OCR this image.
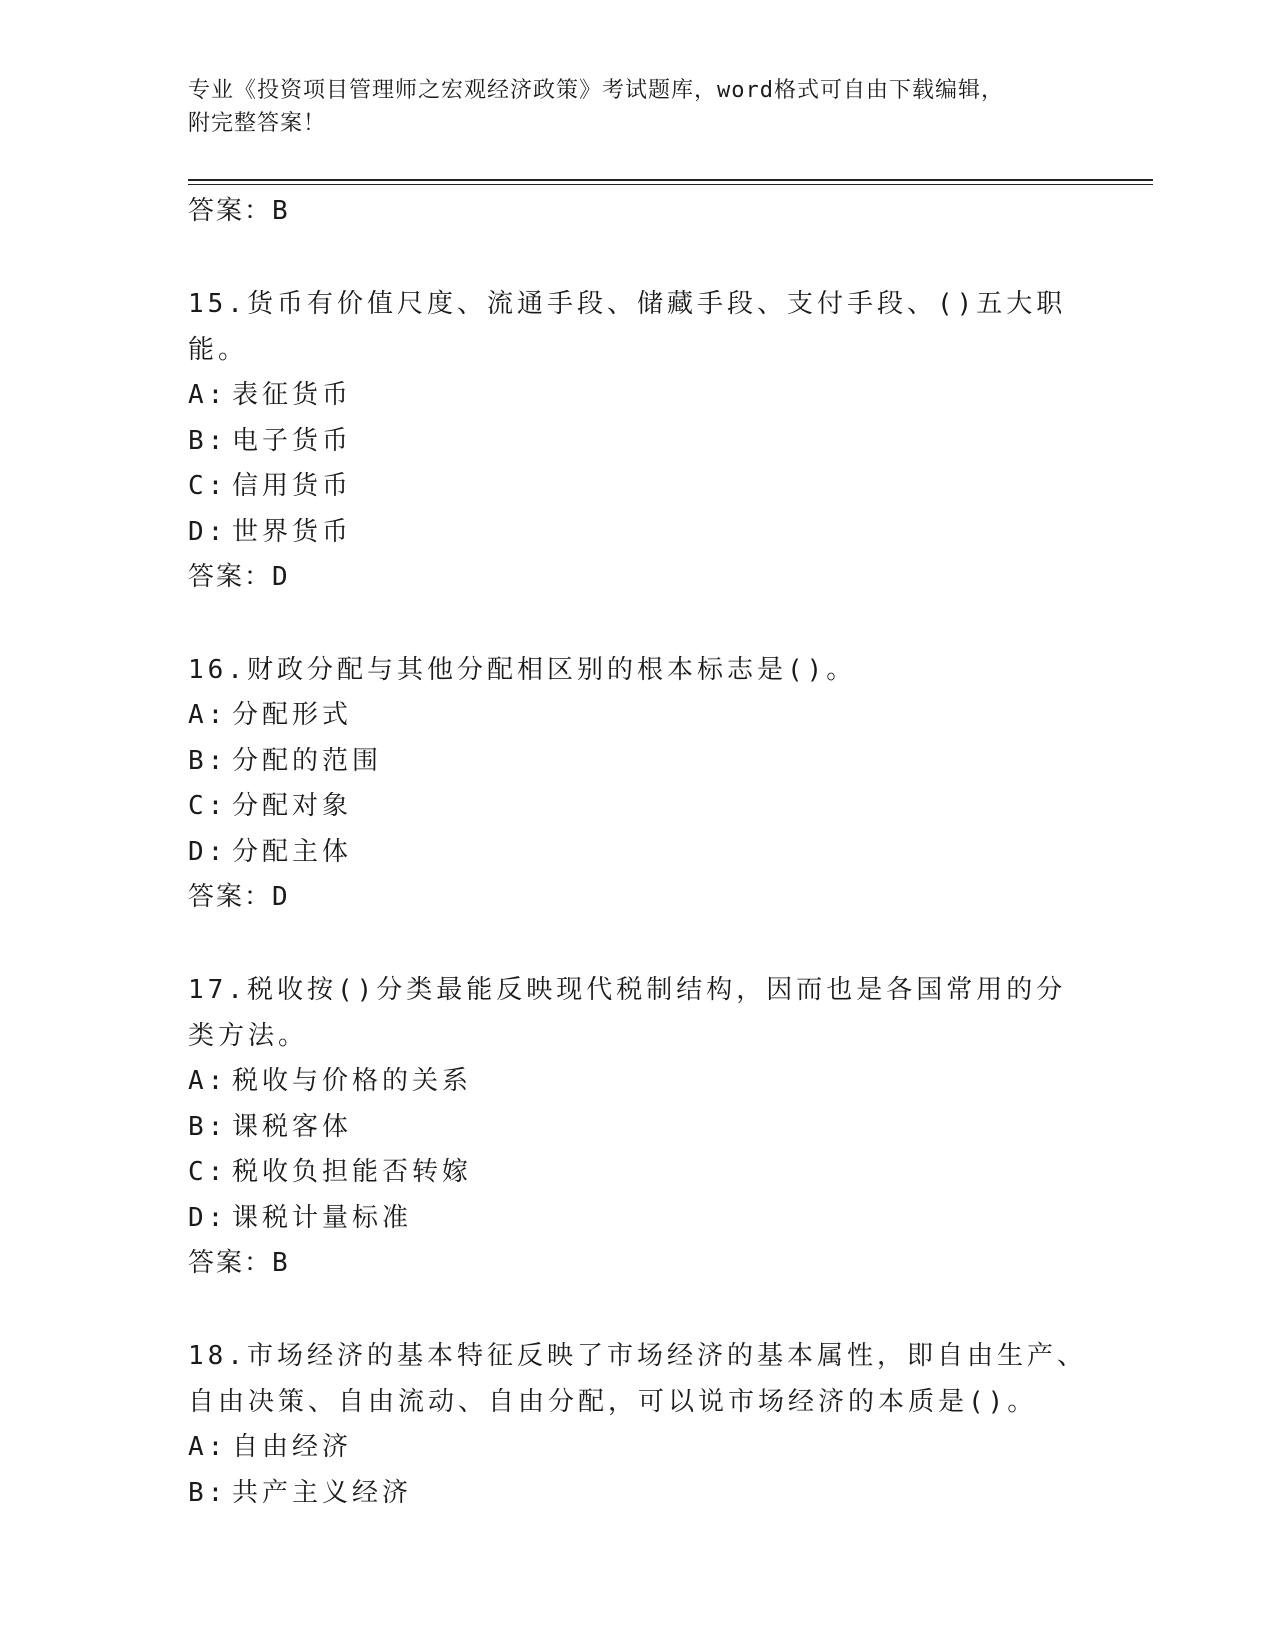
专业《投资项目管理师之宏观经济政策》考试题库，word格式可自由下载编辑，
附完整答案！
答案：B
15.货币有价值尺度、流通手段、储藏手段、支付手段、()五大职能。
A: 表征货币
B: 电子货币
C: 信用货币
D: 世界货币
答案：D
16.财政分配与其他分配相区别的根本标志是()。
A: 分配形式
B: 分配的范围
C: 分配对象
D: 分配主体
答案：D
17.税收按()分类最能反映现代税制结构，因而也是各国常用的分类方法。
A: 税收与价格的关系
B: 课税客体
C: 税收负担能否转嫁
D: 课税计量标准
答案：B
18.市场经济的基本特征反映了市场经济的基本属性，即自由生产、自由决策、自由流动、自由分配，可以说市场经济的本质是()。
A: 自由经济
B: 共产主义经济
